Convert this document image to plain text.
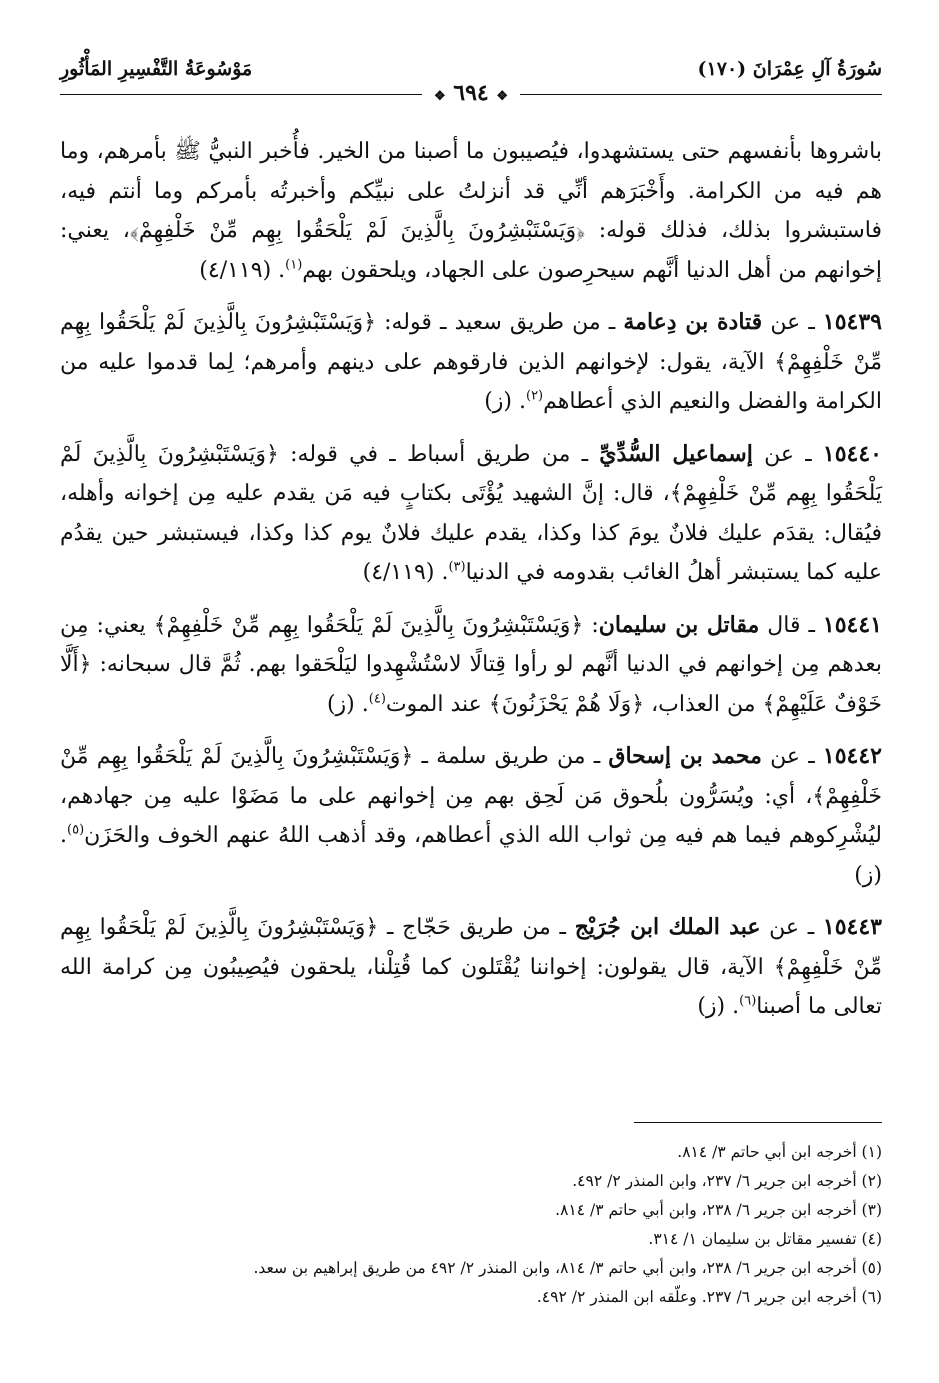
سُورَةُ آلِ عِمْرَانَ (١٧٠)
مَوْسُوعَةُ التَّفْسِيرِ المَأْثُورِ
❖ ٦٩٤ ❖

باشروها بأنفسهم حتى يستشهدوا، فيُصيبون ما أصبنا من الخير. فأُخبر النبيُّ ﷺ بأمرهم، وما هم فيه من الكرامة. وأَخْبَرَهم أنِّي قد أنزلتُ على نبيِّكم وأخبرتُه بأمركم وما أنتم فيه، فاستبشروا بذلك، فذلك قوله: ﴿وَيَسْتَبْشِرُونَ بِالَّذِينَ لَمْ يَلْحَقُوا بِهِم مِّنْ خَلْفِهِمْ﴾، يعني: إخوانهم من أهل الدنيا أنَّهم سيحرِصون على الجهاد، ويلحقون بهم$^{(١)}$. (٤/١١٩)

١٥٤٣٩ ـ عن قتادة بن دِعامة ـ من طريق سعيد ـ قوله: ﴿وَيَسْتَبْشِرُونَ بِالَّذِينَ لَمْ يَلْحَقُوا بِهِم مِّنْ خَلْفِهِمْ﴾ الآية، يقول: لإخوانهم الذين فارقوهم على دينهم وأمرهم؛ لِما قدموا عليه من الكرامة والفضل والنعيم الذي أعطاهم$^{(٢)}$. (ز)

١٥٤٤٠ ـ عن إسماعيل السُّدِّيِّ ـ من طريق أسباط ـ في قوله: ﴿وَيَسْتَبْشِرُونَ بِالَّذِينَ لَمْ يَلْحَقُوا بِهِم مِّنْ خَلْفِهِمْ﴾، قال: إنَّ الشهيد يُؤْتَى بكتابٍ فيه مَن يقدم عليه مِن إخوانه وأهله، فيُقال: يقدَم عليك فلانٌ يومَ كذا وكذا، يقدم عليك فلانٌ يوم كذا وكذا، فيستبشر حين يقدُم عليه كما يستبشر أهلُ الغائب بقدومه في الدنيا$^{(٣)}$. (٤/١١٩)

١٥٤٤١ ـ قال مقاتل بن سليمان: ﴿وَيَسْتَبْشِرُونَ بِالَّذِينَ لَمْ يَلْحَقُوا بِهِم مِّنْ خَلْفِهِمْ﴾ يعني: مِن بعدهم مِن إخوانهم في الدنيا أنَّهم لو رأوا قِتالًا لاسْتُشْهِدوا ليَلْحَقوا بهم. ثُمَّ قال سبحانه: ﴿أَلَّا خَوْفٌ عَلَيْهِمْ﴾ من العذاب، ﴿وَلَا هُمْ يَحْزَنُونَ﴾ عند الموت$^{(٤)}$. (ز)

١٥٤٤٢ ـ عن محمد بن إسحاق ـ من طريق سلمة ـ ﴿وَيَسْتَبْشِرُونَ بِالَّذِينَ لَمْ يَلْحَقُوا بِهِم مِّنْ خَلْفِهِمْ﴾، أي: ويُسَرُّون بلُحوق مَن لَحِق بهم مِن إخوانهم على ما مَضَوْا عليه مِن جهادهم، ليُشْرِكوهم فيما هم فيه مِن ثواب الله الذي أعطاهم، وقد أذهب اللهُ عنهم الخوف والحَزَن$^{(٥)}$. (ز)

١٥٤٤٣ ـ عن عبد الملك ابن جُرَيْج ـ من طريق حَجّاج ـ ﴿وَيَسْتَبْشِرُونَ بِالَّذِينَ لَمْ يَلْحَقُوا بِهِم مِّنْ خَلْفِهِمْ﴾ الآية، قال يقولون: إخواننا يُقْتَلون كما قُتِلْنا، يلحقون فيُصِيبُون مِن كرامة الله تعالى ما أصبنا$^{(٦)}$. (ز)

(١) أخرجه ابن أبي حاتم ٣/ ٨١٤.

(٢) أخرجه ابن جرير ٦/ ٢٣٧، وابن المنذر ٢/ ٤٩٢.

(٣) أخرجه ابن جرير ٦/ ٢٣٨، وابن أبي حاتم ٣/ ٨١٤.

(٤) تفسير مقاتل بن سليمان ١/ ٣١٤.

(٥) أخرجه ابن جرير ٦/ ٢٣٨، وابن أبي حاتم ٣/ ٨١٤، وابن المنذر ٢/ ٤٩٢ من طريق إبراهيم بن سعد.

(٦) أخرجه ابن جرير ٦/ ٢٣٧. وعلّقه ابن المنذر ٢/ ٤٩٢.
